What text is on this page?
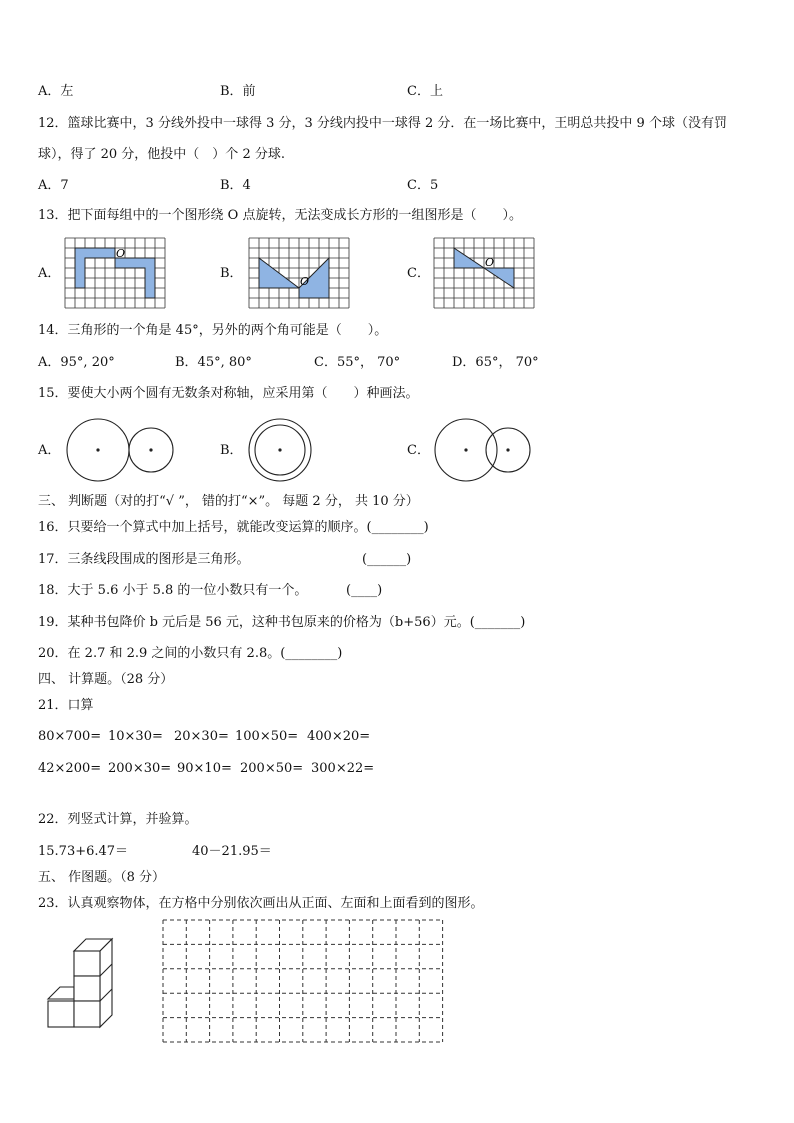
A．左	B．前	C．上
12．篮球比赛中，3 分线外投中一球得 3 分，3 分线内投中一球得 2 分．在一场比赛中，王明总共投中 9 个球（没有罚
球），得了 20 分，他投中（　）个 2 分球.
A．7	B．4	C．5
13．把下面每组中的一个图形绕 O 点旋转，无法变成长方形的一组图形是（　　）。
A．	B．	C．
O
O
O
14．三角形的一个角是 45°，另外的两个角可能是（　　）。
A．95°, 20°	B．45°, 80°	C．55°， 70°	D．65°， 70°
15．要使大小两个圆有无数条对称轴，应采用第（　　）种画法。
A．	B．	C．
三、 判断题（对的打“√ ”， 错的打“×”。 每题 2 分， 共 10 分）
16．只要给一个算式中加上括号，就能改变运算的顺序。(________)
17．三条线段围成的图形是三角形。	(______)
18．大于 5.6 小于 5.8 的一位小数只有一个。	(____)
19．某种书包降价 b 元后是 56 元，这种书包原来的价格为（b+56）元。(_______)
20．在 2.7 和 2.9 之间的小数只有 2.8。(________)
四、 计算题。（28 分）
21．口算
80×700= 10×30= 20×30= 100×50= 400×20=
42×200= 200×30= 90×10= 200×50= 300×22=
22．列竖式计算，并验算。
15.73+6.47＝	40－21.95＝
五、 作图题。（8 分）
23．认真观察物体，在方格中分别依次画出从正面、左面和上面看到的图形。
